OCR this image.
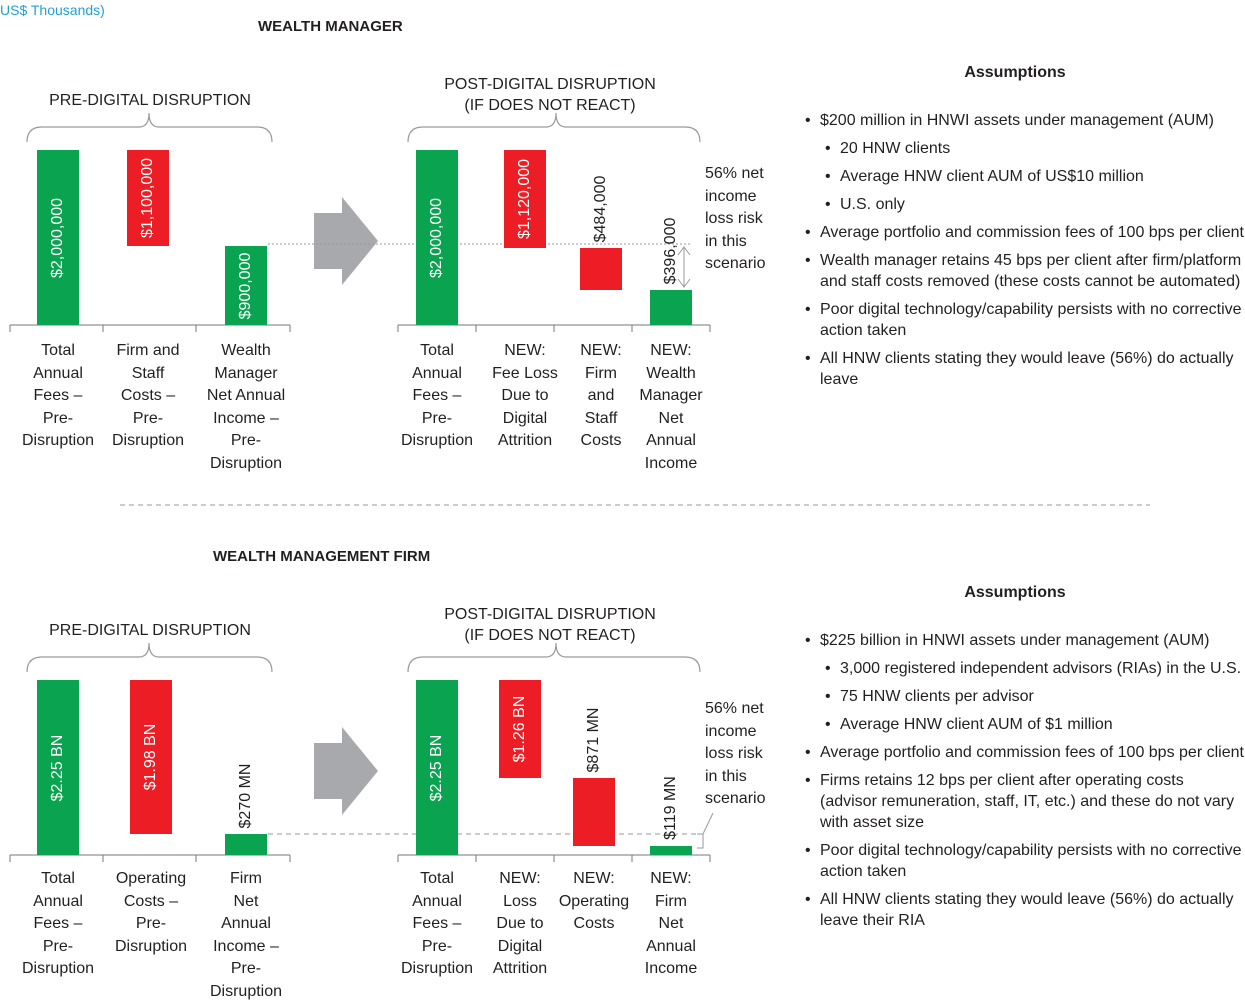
US$ Thousands)
WEALTH MANAGER
PRE-DIGITAL DISRUPTION
POST-DIGITAL DISRUPTION
(IF DOES NOT REACT)
56% net
income
loss risk
in this
scenario
Assumptions
• $200 million in HNWI assets under management (AUM)
• 20 HNW clients
• Average HNW client AUM of US$10 million
• U.S. only
• Average portfolio and commission fees of 100 bps per client
• Wealth manager retains 45 bps per client after firm/platform and staff costs removed (these costs cannot be automated)
• Poor digital technology/capability persists with no corrective action taken
• All HNW clients stating they would leave (56%) do actually leave
WEALTH MANAGEMENT FIRM
PRE-DIGITAL DISRUPTION
POST-DIGITAL DISRUPTION
(IF DOES NOT REACT)
56% net
income
loss risk
in this
scenario
Assumptions
• $225 billion in HNWI assets under management (AUM)
• 3,000 registered independent advisors (RIAs) in the U.S.
• 75 HNW clients per advisor
• Average HNW client AUM of $1 million
• Average portfolio and commission fees of 100 bps per client
• Firms retains 12 bps per client after operating costs (advisor remuneration, staff, IT, etc.) and these do not vary with asset size
• Poor digital technology/capability persists with no corrective action taken
• All HNW clients stating they would leave (56%) do actually leave their RIA
$2,000,000
Total
Annual
Fees –
Pre-
Disruption
$1,100,000
Firm and
Staff
Costs –
Pre-
Disruption
$900,000
Wealth
Manager
Net Annual
Income –
Pre-
Disruption
$2,000,000
Total
Annual
Fees –
Pre-
Disruption
$1,120,000
NEW:
Fee Loss
Due to
Digital
Attrition
$484,000
NEW:
Firm
and
Staff
Costs
$396,000
NEW:
Wealth
Manager
Net
Annual
Income
$2.25 BN
Total
Annual
Fees –
Pre-
Disruption
$1.98 BN
Operating
Costs –
Pre-
Disruption
$270 MN
Firm
Net
Annual
Income –
Pre-
Disruption
$2.25 BN
Total
Annual
Fees –
Pre-
Disruption
$1.26 BN
NEW:
Loss
Due to
Digital
Attrition
$871 MN
NEW:
Operating
Costs
$119 MN
NEW:
Firm
Net
Annual
Income
